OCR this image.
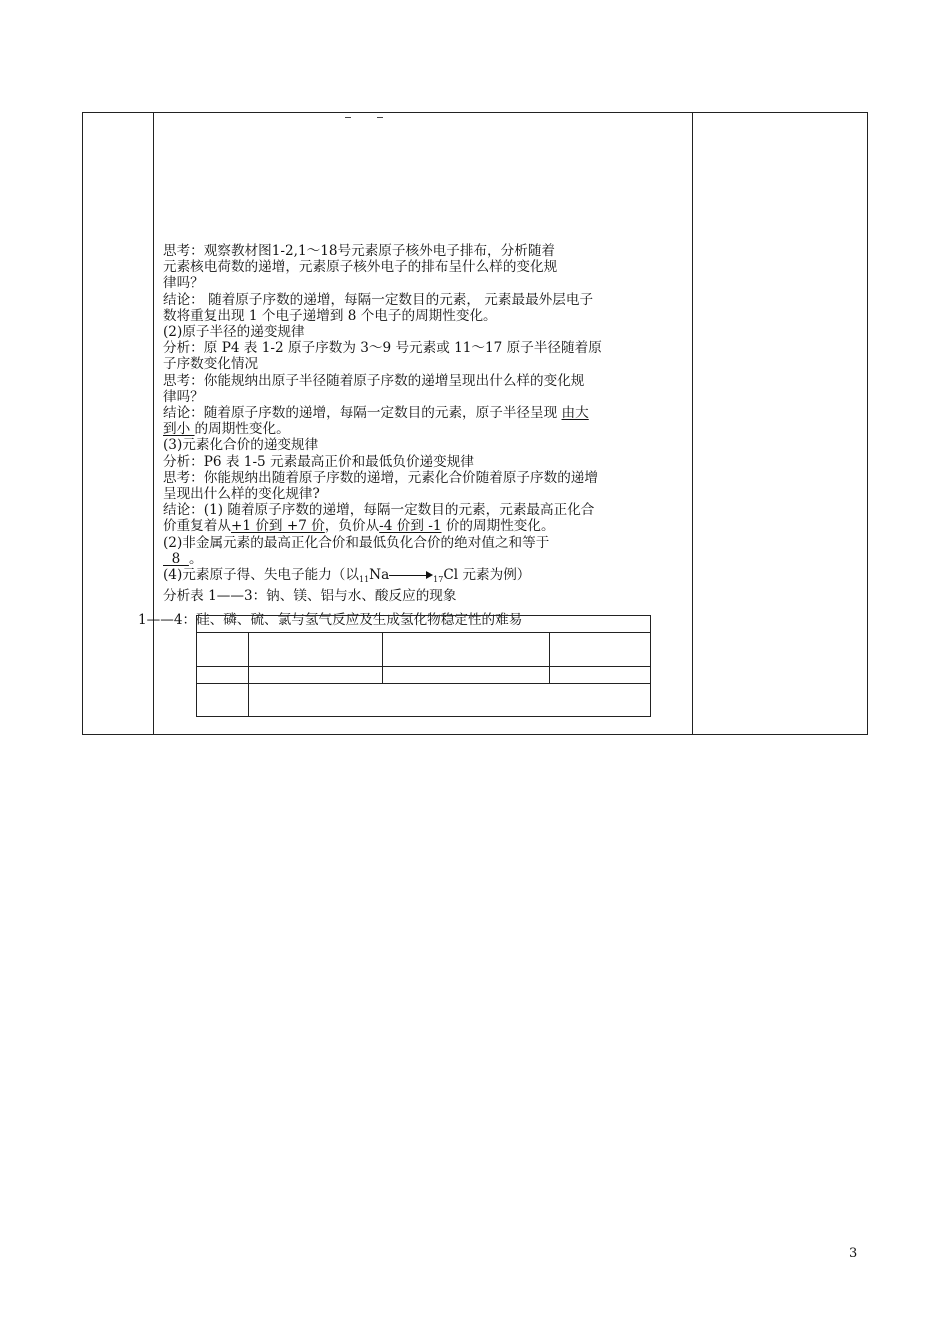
思考：观察教材图1-2,1～18号元素原子核外电子排布，分析随着

元素核电荷数的递增，元素原子核外电子的排布呈什么样的变化规

律吗？

结论： 随着原子序数的递增，每隔一定数目的元素， 元素最最外层电子

数将重复出现 1 个电子递增到 8 个电子的周期性变化。

(2)原子半径的递变规律

分析：原 P4 表 1-2 原子序数为 3～9 号元素或 11～17 原子半径随着原

子序数变化情况

思考：你能规纳出原子半径随着原子序数的递增呈现出什么样的变化规

律吗？

结论：随着原子序数的递增，每隔一定数目的元素，原子半径呈现 由大

到小 的周期性变化。

(3)元素化合价的递变规律

分析：P6 表 1-5 元素最高正价和最低负价递变规律

思考：你能规纳出随着原子序数的递增，元素化合价随着原子序数的递增

呈现出什么样的变化规律?

结论：(1) 随着原子序数的递增，每隔一定数目的元素，元素最高正化合

价重复着从+1 价到 +7 价，负价从-4 价到 -1 价的周期性变化。

(2)非金属元素的最高正化合价和最低负化合价的绝对值之和等于

8  。

(4)元素原子得、失电子能力（以$_{11}$Na	$_{17}$Cl 元素为例）

分析表 1——3：钠、镁、铝与水、酸反应的现象

1——4：硅、磷、硫、氯与氢气反应及生成氢化物稳定性的难易
3
